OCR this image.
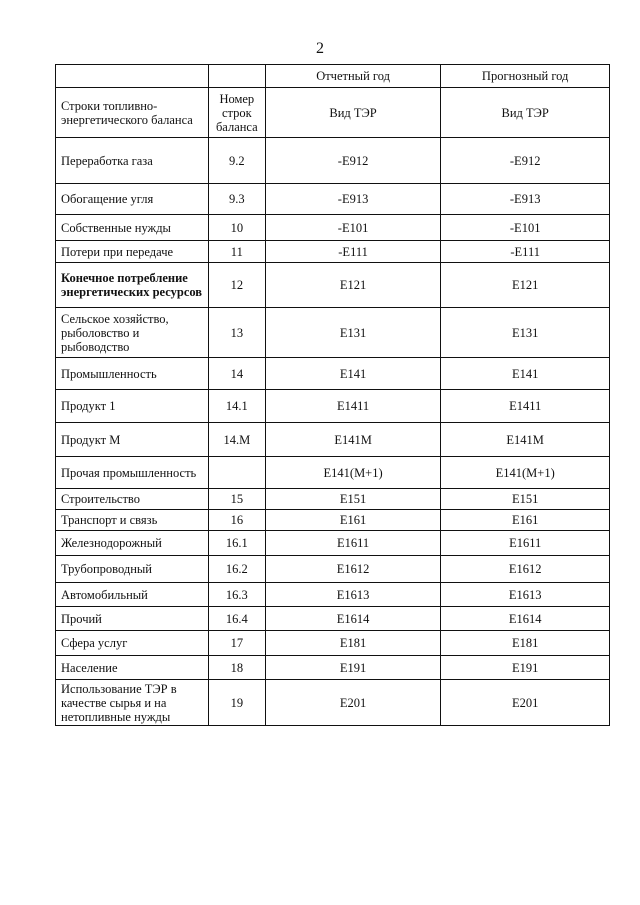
2
		Отчетный год	Прогнозный год
Строки топливно-энергетического баланса	Номер строк баланса	Вид ТЭР	Вид ТЭР
Переработка газа	9.2	-E912	-E912
Обогащение угля	9.3	-E913	-E913
Собственные нужды	10	-E101	-E101
Потери при передаче	11	-E111	-E111
Конечное потребление энергетических ресурсов	12	E121	E121
Сельское хозяйство, рыболовство и рыбоводство	13	E131	E131
Промышленность	14	E141	E141
Продукт 1	14.1	E1411	E1411
Продукт M	14.M	E141M	E141M
Прочая промышленность		E141(M+1)	E141(M+1)
Строительство	15	E151	E151
Транспорт и связь	16	E161	E161
Железнодорожный	16.1	E1611	E1611
Трубопроводный	16.2	E1612	E1612
Автомобильный	16.3	E1613	E1613
Прочий	16.4	E1614	E1614
Сфера услуг	17	E181	E181
Население	18	E191	E191
Использование ТЭР в качестве сырья и на нетопливные нужды	19	E201	E201
